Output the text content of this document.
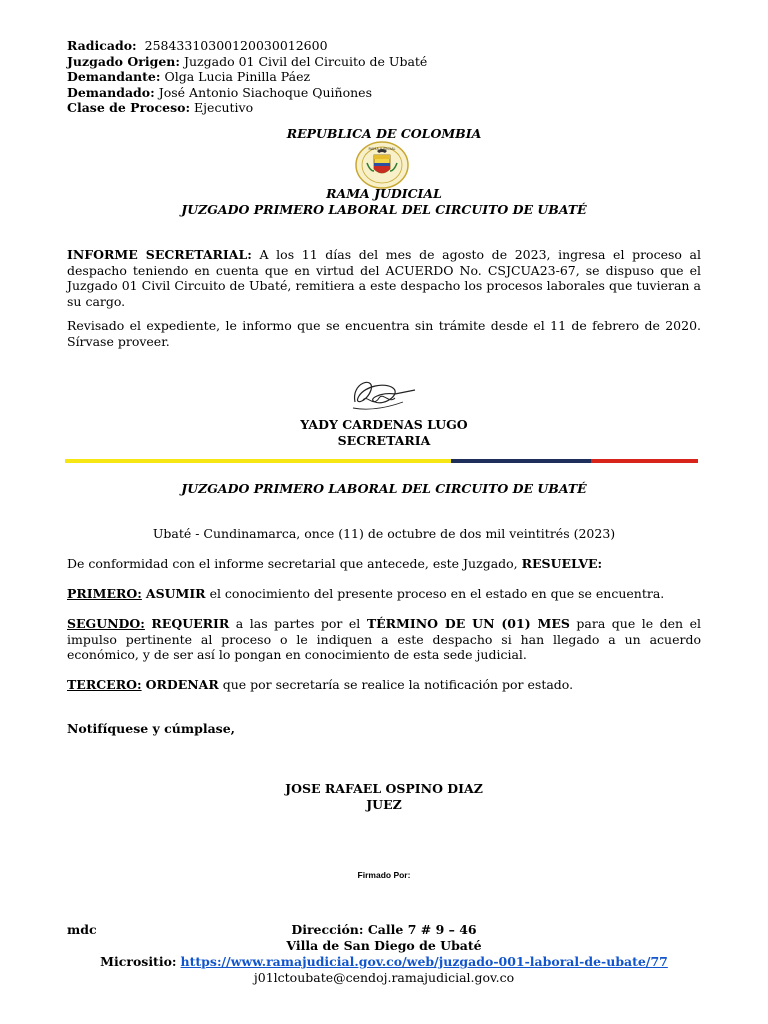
Radicado: 25843310300120030012600
Juzgado Origen: Juzgado 01 Civil del Circuito de Ubaté
Demandante: Olga Lucia Pinilla Páez
Demandado: José Antonio Siachoque Quiñones
Clase de Proceso: Ejecutivo
REPUBLICA DE COLOMBIA
RAMA JUDICIAL
RAMA JUDICIAL
JUZGADO PRIMERO LABORAL DEL CIRCUITO DE UBATÉ
INFORME SECRETARIAL: A los 11 días del mes de agosto de 2023, ingresa el proceso al despacho teniendo en cuenta que en virtud del ACUERDO No. CSJCUA23-67, se dispuso que el Juzgado 01 Civil Circuito de Ubaté, remitiera a este despacho los procesos laborales que tuvieran a su cargo.
Revisado el expediente, le informo que se encuentra sin trámite desde el 11 de febrero de 2020. Sírvase proveer.
YADY CARDENAS LUGO
SECRETARIA
JUZGADO PRIMERO LABORAL DEL CIRCUITO DE UBATÉ
Ubaté - Cundinamarca, once (11) de octubre de dos mil veintitrés (2023)
De conformidad con el informe secretarial que antecede, este Juzgado, RESUELVE:
PRIMERO: ASUMIR el conocimiento del presente proceso en el estado en que se encuentra.
SEGUNDO: REQUERIR a las partes por el TÉRMINO DE UN (01) MES para que le den el impulso pertinente al proceso o le indiquen a este despacho si han llegado a un acuerdo económico, y de ser así lo pongan en conocimiento de esta sede judicial.
TERCERO: ORDENAR que por secretaría se realice la notificación por estado.
Notifíquese y cúmplase,
JOSE RAFAEL OSPINO DIAZ
JUEZ
Firmado Por:
mdc	Dirección: Calle 7 # 9 – 46
Villa de San Diego de Ubaté
Micrositio: https://www.ramajudicial.gov.co/web/juzgado-001-laboral-de-ubate/77
j01lctoubate@cendoj.ramajudicial.gov.co
